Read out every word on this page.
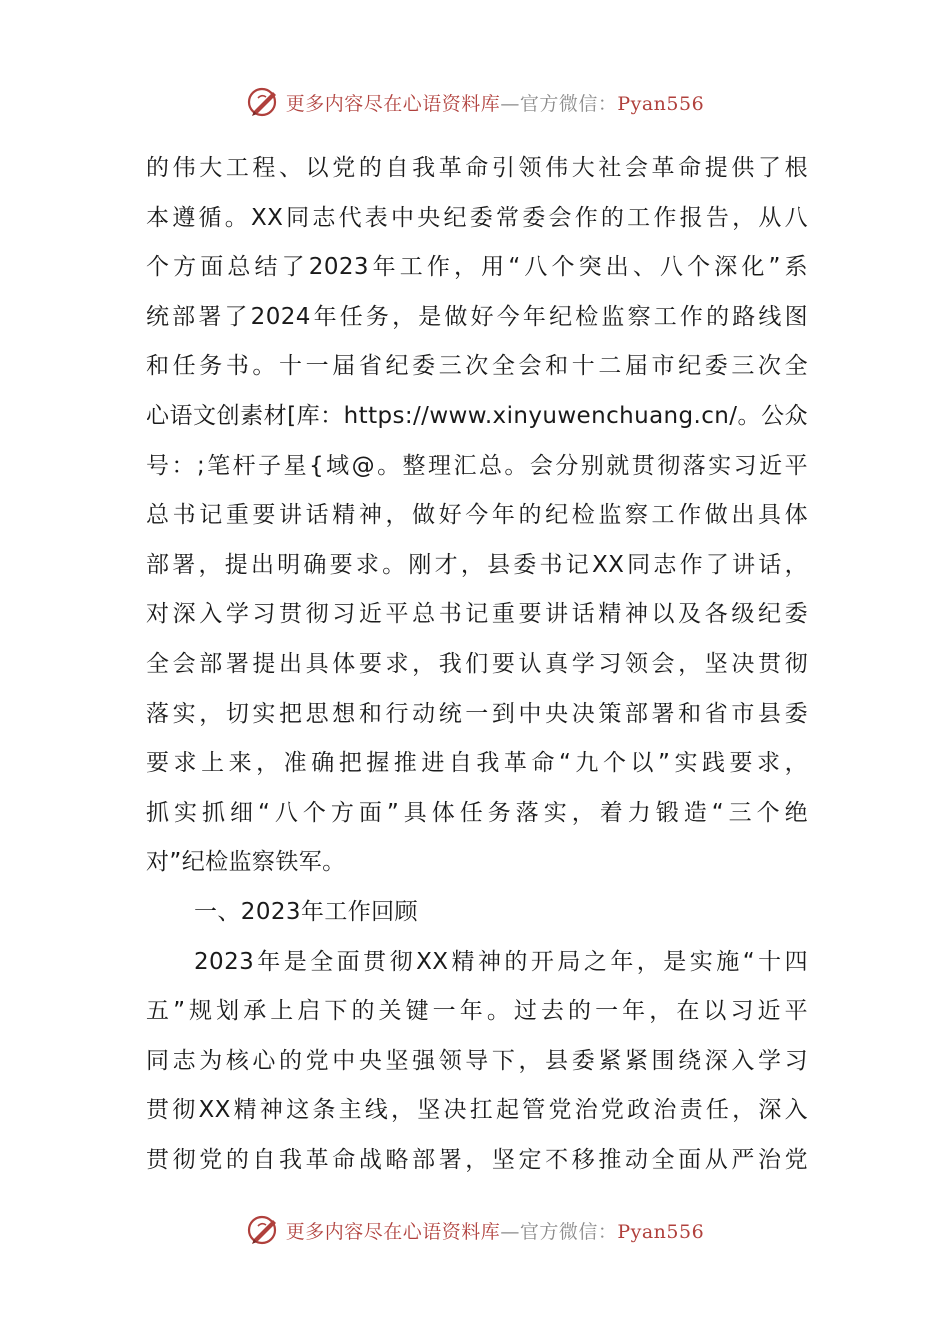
更多内容尽在心语资料库—官方微信：Pyan556
的伟大工程、以党的自我革命引领伟大社会革命提供了根
本遵循。XX同志代表中央纪委常委会作的工作报告，从八
个方面总结了2023年工作，用“八个突出、八个深化”系
统部署了2024年任务，是做好今年纪检监察工作的路线图
和任务书。十一届省纪委三次全会和十二届市纪委三次全
心语文创素材[库：https://www.xinyuwenchuang.cn/。公众
号：;笔杆子星{域@。整理汇总。会分别就贯彻落实习近平
总书记重要讲话精神，做好今年的纪检监察工作做出具体
部署，提出明确要求。刚才，县委书记XX同志作了讲话，
对深入学习贯彻习近平总书记重要讲话精神以及各级纪委
全会部署提出具体要求，我们要认真学习领会，坚决贯彻
落实，切实把思想和行动统一到中央决策部署和省市县委
要求上来，准确把握推进自我革命“九个以”实践要求，
抓实抓细“八个方面”具体任务落实，着力锻造“三个绝
对”纪检监察铁军。
一、2023年工作回顾
2023年是全面贯彻XX精神的开局之年，是实施“十四
五”规划承上启下的关键一年。过去的一年，在以习近平
同志为核心的党中央坚强领导下，县委紧紧围绕深入学习
贯彻XX精神这条主线，坚决扛起管党治党政治责任，深入
贯彻党的自我革命战略部署，坚定不移推动全面从严治党
更多内容尽在心语资料库—官方微信：Pyan556
